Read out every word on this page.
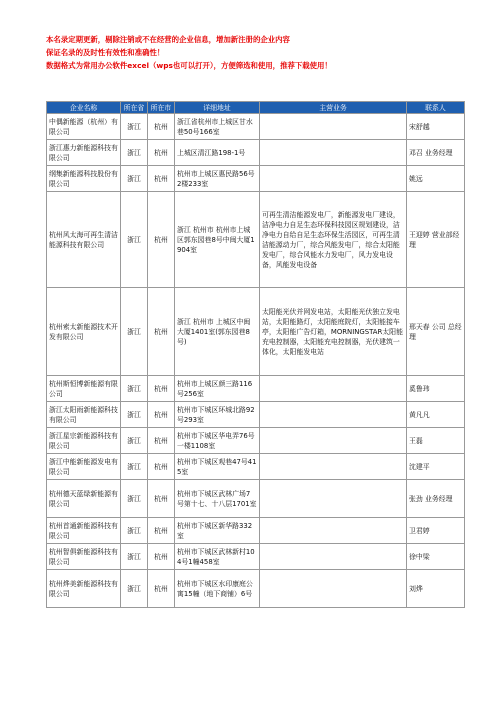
本名录定期更新，剔除注销或不在经营的企业信息，增加新注册的企业内容
保证名录的及时性有效性和准确性！
数据格式为常用办公软件excel（wps也可以打开），方便筛选和使用，推荐下载使用！
企业名称	所在省	所在市	详细地址	主营业务	联系人
中偶新能源（杭州）有限公司	浙江	杭州	浙江省杭州市上城区甘水巷50号166室		宋舒越
浙江惠力新能源科技有限公司	浙江	杭州	上城区清江路198-1号		邓召 业务经理
纲集新能源科技股份有限公司	浙江	杭州	杭州市上城区惠民路56号2楼233室		姚远
杭州风太海可再生清洁能源科技有限公司	浙江	杭州	浙江 杭州市 杭州市上城区郭东园巷8号中闽大厦1904室	可再生清洁能源发电厂，新能源发电厂建设，洁净电力自足生态环保科技园区规划建设，洁净电力自给自足生态环保生活园区，可再生清洁能源动力厂，综合风能发电厂，综合太阳能发电厂，综合风能水力发电厂，风力发电设备，风能发电设备	王迎婷 营业部经理
杭州索太新能源技术开发有限公司	浙江	杭州	浙江 杭州市 上城区中闽大厦1401室(郭东园巷8号)	太阳能光伏并网发电站，太阳能光伏独立发电站，太阳能路灯，太阳能庭院灯，太阳能接车亭，太阳能广告灯箱，MORNINGSTAR太阳能充电控制器，太阳能充电控制器，光伏建筑一体化，太阳能发电站	邢天春 公司 总经理
杭州斯恒博新能源有限公司	浙江	杭州	杭州市上城区颜三路116号256室		奚鲁玮
浙江太阳雨新能源科技有限公司	浙江	杭州	杭州市下城区环城北路92号293室		黄凡凡
浙江星宗新能源科技有限公司	浙江	杭州	杭州市下城区华电弄76号一楼1108室		王磊
浙江中能新能源发电有限公司	浙江	杭州	杭州市下城区观巷47号415室		沈建平
杭州德天蓝绿新能源有限公司	浙江	杭州	杭州市下城区武林广场7号第十七、十八层1701室		张劲 业务经理
杭州首通新能源科技有限公司	浙江	杭州	杭州市下城区新华路332室		卫君婷
杭州智俱新能源科技有限公司	浙江	杭州	杭州市下城区武林新村104号1幢458室		徐中梁
杭州烨美新能源科技有限公司	浙江	杭州	杭州市下城区水印康庭公寓15幢（地下商铺）6号		刘烨
